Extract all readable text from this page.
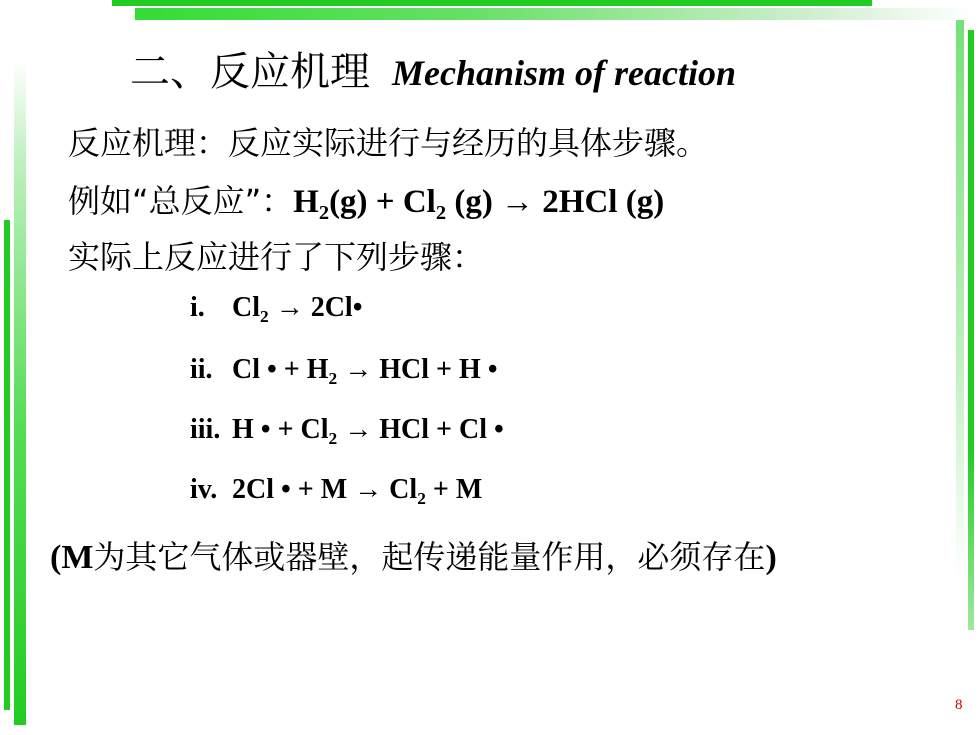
二、反应机理 Mechanism of reaction
反应机理：反应实际进行与经历的具体步骤。
例如“总反应”：$H_2(g) + Cl_2$ (g) → 2HCl (g)
实际上反应进行了下列步骤：
i. $Cl_2$ → 2Cl•
ii. Cl • + $H_2$ → HCl + H •
iii. H • + $Cl_2$ → HCl + Cl •
iv. 2Cl • + $M \to Cl_2 + M$
(M为其它气体或器壁，起传递能量作用，必须存在)
8
